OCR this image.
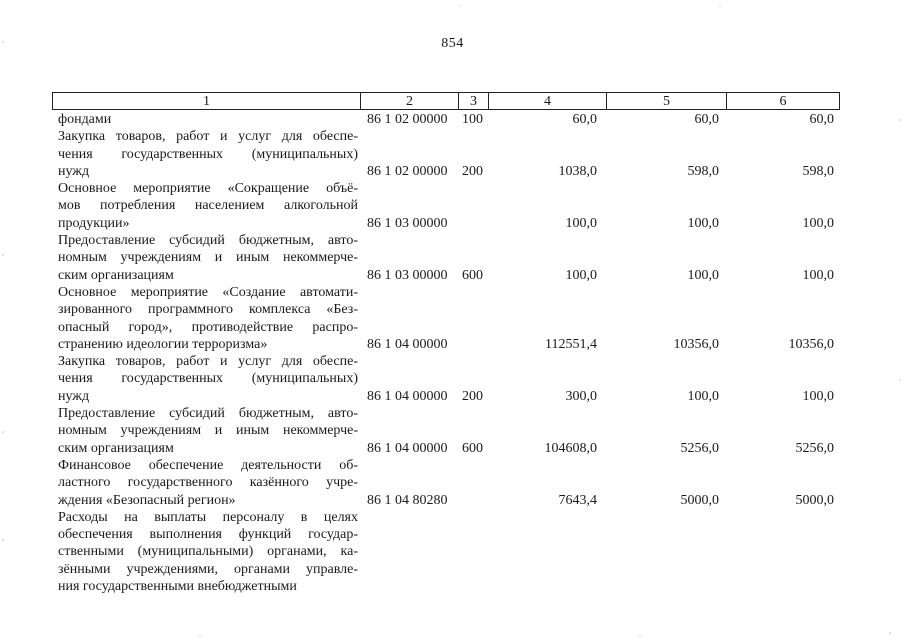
854
1	2	3	4	5	6
фондами	86 1 02 00000 100	60,0	60,0	60,0
Закупка товаров, работ и услуг для обеспе-
чения государственных (муниципальных)
нужд	86 1 02 00000 200	1038,0	598,0	598,0
Основное мероприятие «Сокращение объё-
мов потребления населением алкогольной
продукции»	86 1 03 00000	100,0	100,0	100,0
Предоставление субсидий бюджетным, авто-
номным учреждениям и иным некоммерче-
ским организациям	86 1 03 00000 600	100,0	100,0	100,0
Основное мероприятие «Создание автомати-
зированного программного комплекса «Без-
опасный город», противодействие распро-
странению идеологии терроризма»	86 1 04 00000	112551,4	10356,0	10356,0
Закупка товаров, работ и услуг для обеспе-
чения государственных (муниципальных)
нужд	86 1 04 00000 200	300,0	100,0	100,0
Предоставление субсидий бюджетным, авто-
номным учреждениям и иным некоммерче-
ским организациям	86 1 04 00000 600	104608,0	5256,0	5256,0
Финансовое обеспечение деятельности об-
ластного государственного казённого учре-
ждения «Безопасный регион»	86 1 04 80280	7643,4	5000,0	5000,0
Расходы на выплаты персоналу в целях
обеспечения выполнения функций государ-
ственными (муниципальными) органами, ка-
зёнными учреждениями, органами управле-
ния государственными внебюджетными
